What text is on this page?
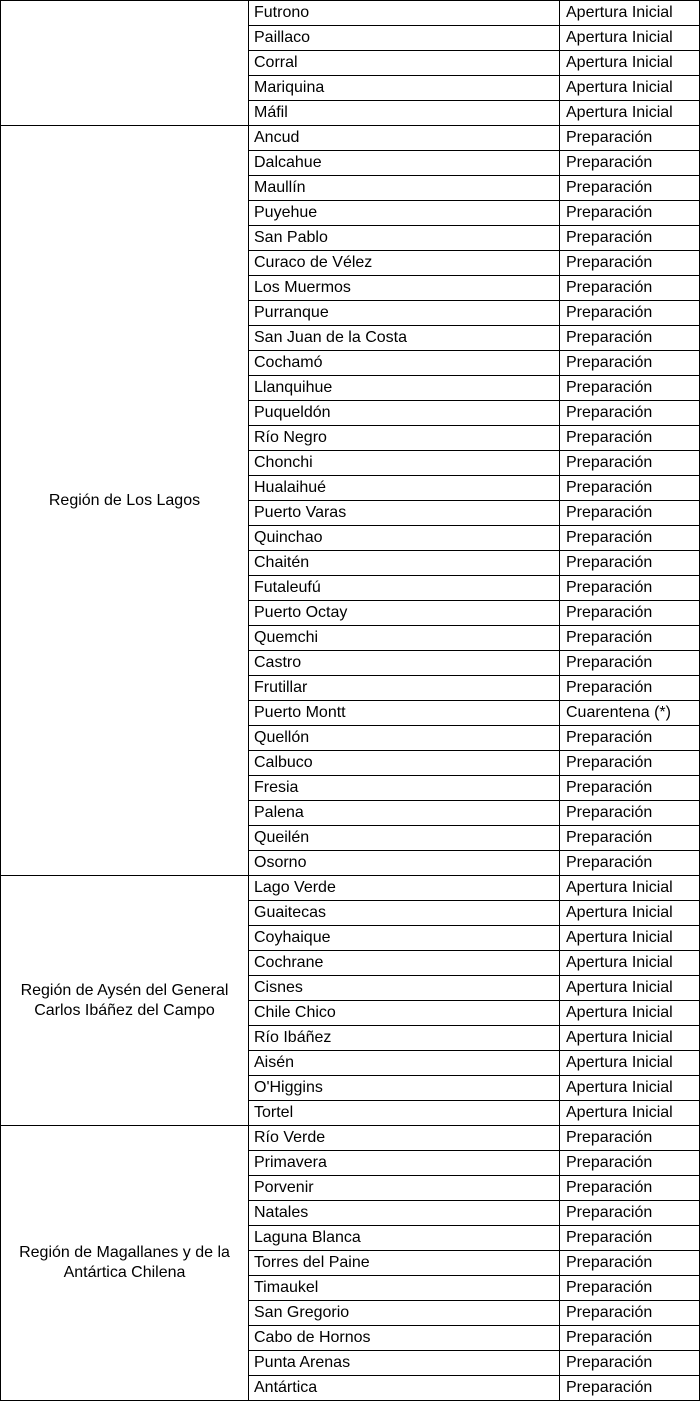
	Futrono	Apertura Inicial
	Paillaco	Apertura Inicial
	Corral	Apertura Inicial
	Mariquina	Apertura Inicial
	Máfil	Apertura Inicial
Región de Los Lagos	Ancud	Preparación
	Dalcahue	Preparación
	Maullín	Preparación
	Puyehue	Preparación
	San Pablo	Preparación
	Curaco de Vélez	Preparación
	Los Muermos	Preparación
	Purranque	Preparación
	San Juan de la Costa	Preparación
	Cochamó	Preparación
	Llanquihue	Preparación
	Puqueldón	Preparación
	Río Negro	Preparación
	Chonchi	Preparación
	Hualaihué	Preparación
	Puerto Varas	Preparación
	Quinchao	Preparación
	Chaitén	Preparación
	Futaleufú	Preparación
	Puerto Octay	Preparación
	Quemchi	Preparación
	Castro	Preparación
	Frutillar	Preparación
	Puerto Montt	Cuarentena (*)
	Quellón	Preparación
	Calbuco	Preparación
	Fresia	Preparación
	Palena	Preparación
	Queilén	Preparación
	Osorno	Preparación
Región de Aysén del General Carlos Ibáñez del Campo	Lago Verde	Apertura Inicial
	Guaitecas	Apertura Inicial
	Coyhaique	Apertura Inicial
	Cochrane	Apertura Inicial
	Cisnes	Apertura Inicial
	Chile Chico	Apertura Inicial
	Río Ibáñez	Apertura Inicial
	Aisén	Apertura Inicial
	O'Higgins	Apertura Inicial
	Tortel	Apertura Inicial
Región de Magallanes y de la Antártica Chilena	Río Verde	Preparación
	Primavera	Preparación
	Porvenir	Preparación
	Natales	Preparación
	Laguna Blanca	Preparación
	Torres del Paine	Preparación
	Timaukel	Preparación
	San Gregorio	Preparación
	Cabo de Hornos	Preparación
	Punta Arenas	Preparación
	Antártica	Preparación
